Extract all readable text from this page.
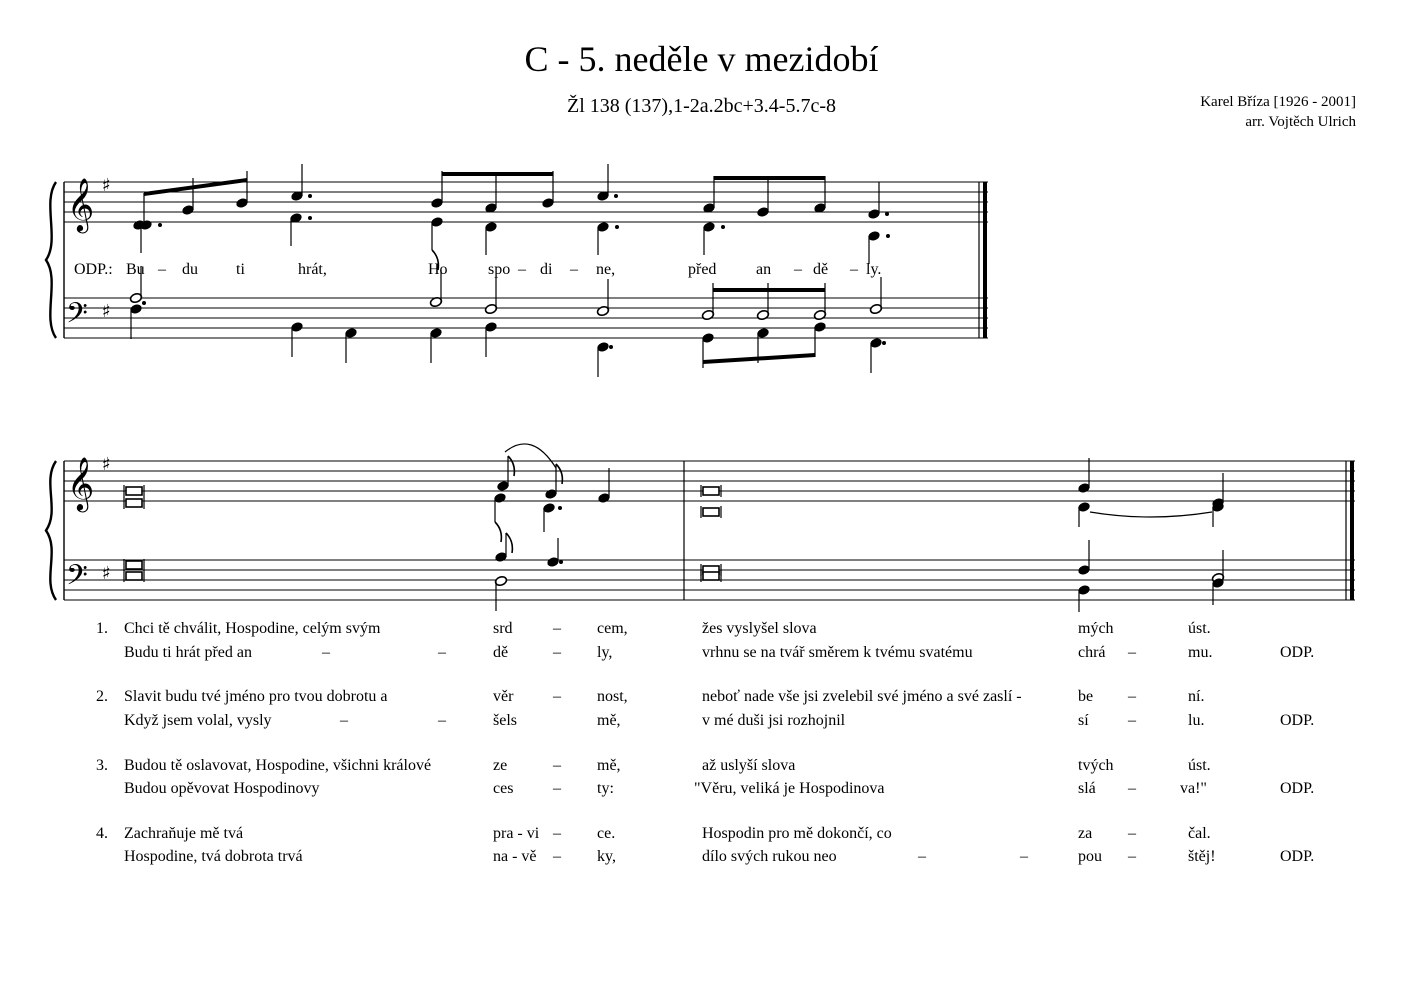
C - 5. neděle v mezidobí
Žl 138 (137),1-2a.2bc+3.4-5.7c-8	Karel Bříza [1926 - 2001]
arr. Vojtěch Ulrich
𝄞
𝄢
♯
♯
ODP.: Bu du ti	hrát,	Ho	spo di	ne,	před an	dě ly.
–	–	–	–	–
𝄞
𝄢
♯
♯
1. Chci tě chválit, Hospodine, celým svým	srd	– cem,	žes vyslyšel slova	mých	úst.
Budu ti hrát před an	–	–	dě	– ly,	vrhnu se na tvář směrem k tvému svatému	chrá –	mu.	ODP.
2. Slavit budu tvé jméno pro tvou dobrotu a	věr – nost,	neboť nade vše jsi zvelebil své jméno a své zaslí -	be –	ní.
Když jsem volal, vysly	–	–	šels	mě,	v mé duši jsi rozhojnil	sí –	lu.	ODP.
3. Budou tě oslavovat, Hospodine, všichni králové	ze	– mě,	až uslyší slova	tvých	úst.
Budou opěvovat Hospodinovy	ces – ty:	"Věru, veliká je Hospodinova	slá –	va!"	ODP.
4. Zachraňuje mě tvá	pra - vi – ce.	Hospodin pro mě dokončí, co	za –	čal.
Hospodine, tvá dobrota trvá	na - vě – ky,	dílo svých rukou neo	–	–	pou –	štěj!	ODP.
